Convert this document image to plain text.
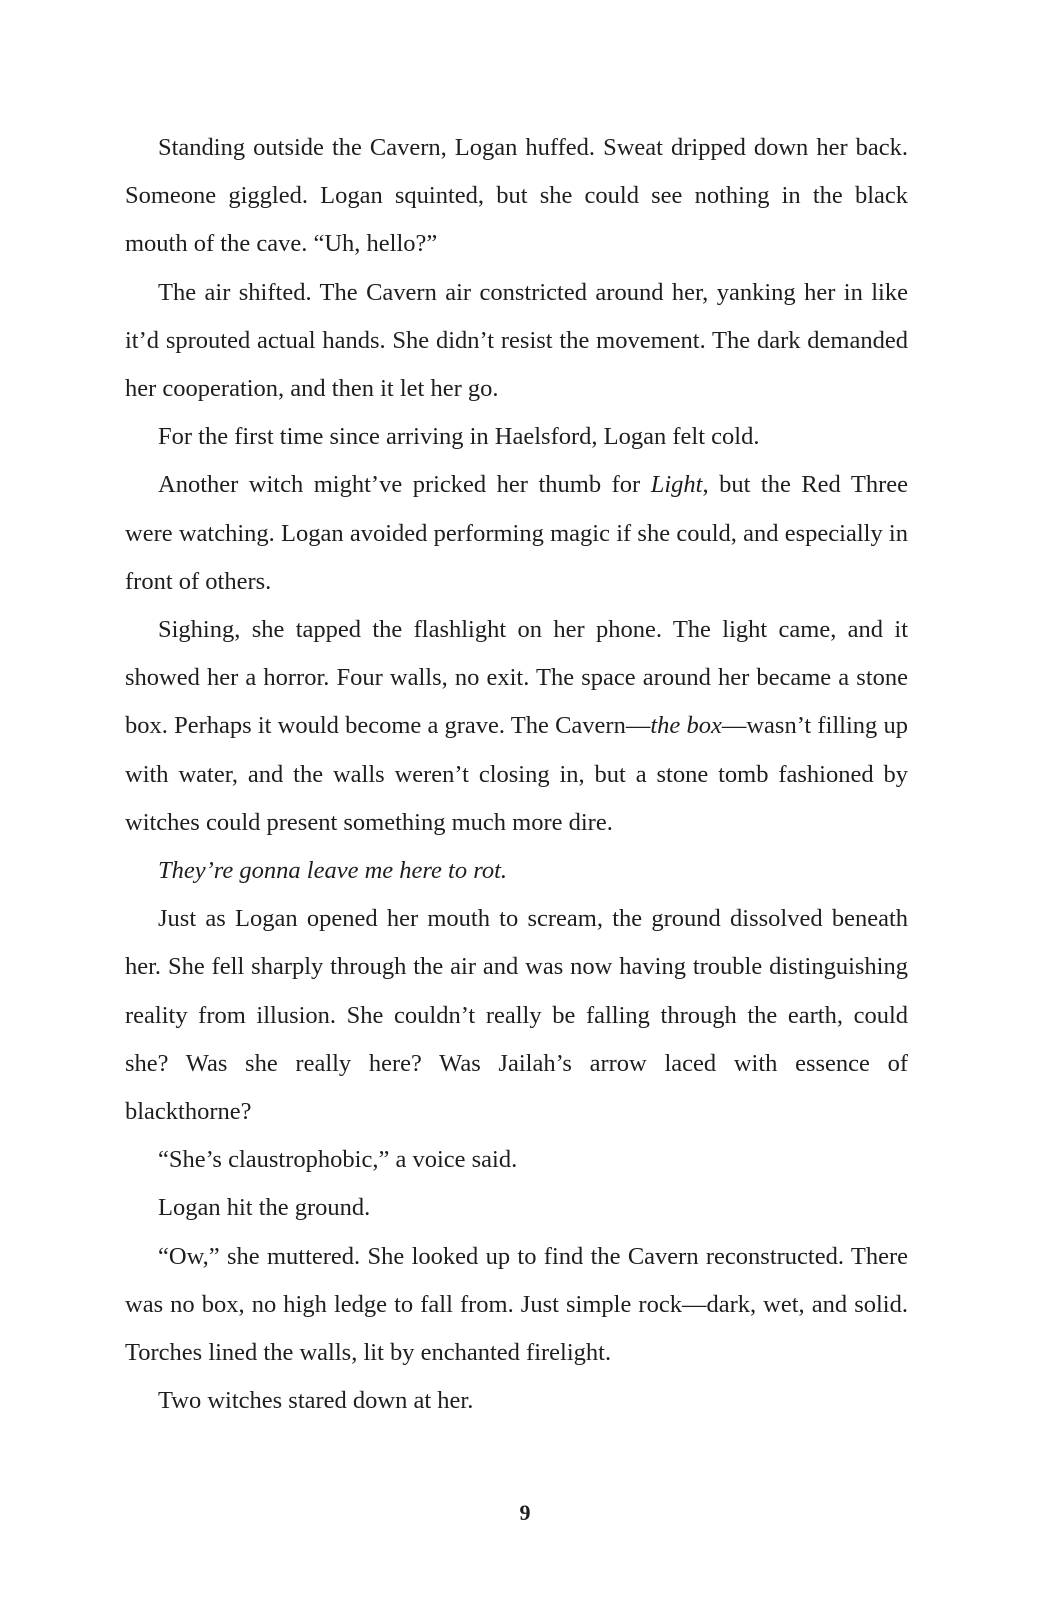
Standing outside the Cavern, Logan huffed. Sweat dripped down her back. Someone giggled. Logan squinted, but she could see nothing in the black mouth of the cave. “Uh, hello?”

The air shifted. The Cavern air constricted around her, yanking her in like it’d sprouted actual hands. She didn’t resist the movement. The dark demanded her cooperation, and then it let her go.

For the first time since arriving in Haelsford, Logan felt cold.

Another witch might’ve pricked her thumb for Light, but the Red Three were watching. Logan avoided performing magic if she could, and especially in front of others.

Sighing, she tapped the flashlight on her phone. The light came, and it showed her a horror. Four walls, no exit. The space around her became a stone box. Perhaps it would become a grave. The Cavern—the box—wasn’t filling up with water, and the walls weren’t closing in, but a stone tomb fashioned by witches could present something much more dire.

They’re gonna leave me here to rot.

Just as Logan opened her mouth to scream, the ground dissolved beneath her. She fell sharply through the air and was now having trouble distinguishing reality from illusion. She couldn’t really be falling through the earth, could she? Was she really here? Was Jailah’s arrow laced with essence of blackthorne?

“She’s claustrophobic,” a voice said.

Logan hit the ground.

“Ow,” she muttered. She looked up to find the Cavern reconstructed. There was no box, no high ledge to fall from. Just simple rock—dark, wet, and solid. Torches lined the walls, lit by enchanted firelight.

Two witches stared down at her.

9
